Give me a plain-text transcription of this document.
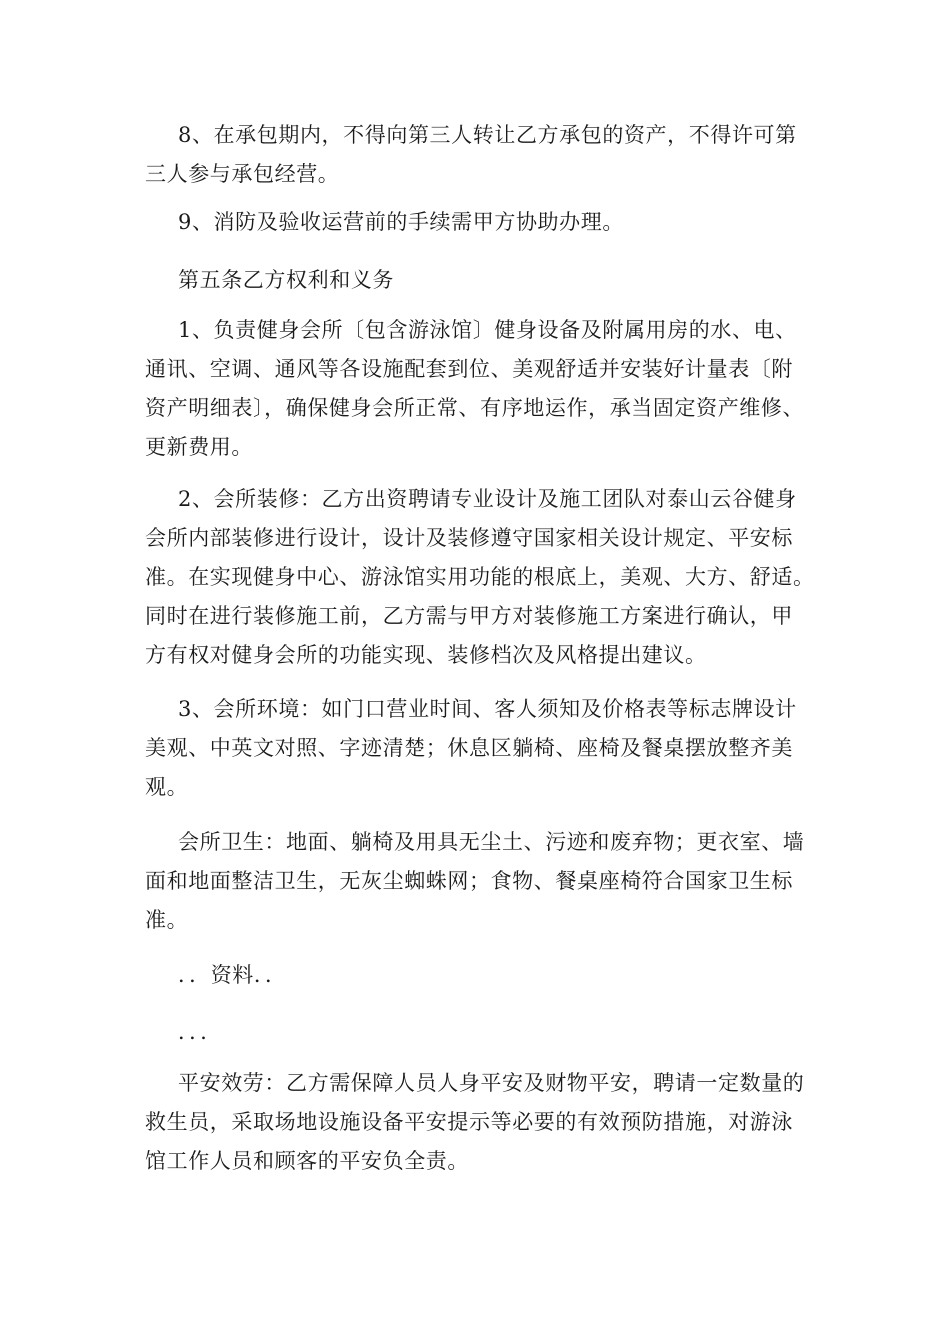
8、在承包期内，不得向第三人转让乙方承包的资产，不得许可第
三人参与承包经营。

9、消防及验收运营前的手续需甲方协助办理。

第五条乙方权利和义务

1、负责健身会所〔包含游泳馆〕健身设备及附属用房的水、电、
通讯、空调、通风等各设施配套到位、美观舒适并安装好计量表〔附
资产明细表〕，确保健身会所正常、有序地运作，承当固定资产维修、
更新费用。

2、会所装修：乙方出资聘请专业设计及施工团队对泰山云谷健身
会所内部装修进行设计，设计及装修遵守国家相关设计规定、平安标
准。在实现健身中心、游泳馆实用功能的根底上，美观、大方、舒适。
同时在进行装修施工前，乙方需与甲方对装修施工方案进行确认，甲
方有权对健身会所的功能实现、装修档次及风格提出建议。

3、会所环境：如门口营业时间、客人须知及价格表等标志牌设计
美观、中英文对照、字迹清楚；休息区躺椅、座椅及餐桌摆放整齐美
观。

会所卫生：地面、躺椅及用具无尘土、污迹和废弃物；更衣室、墙
面和地面整洁卫生，无灰尘蜘蛛网；食物、餐桌座椅符合国家卫生标
准。

．．资料．．

．．．

平安效劳：乙方需保障人员人身平安及财物平安，聘请一定数量的
救生员，采取场地设施设备平安提示等必要的有效预防措施，对游泳
馆工作人员和顾客的平安负全责。
